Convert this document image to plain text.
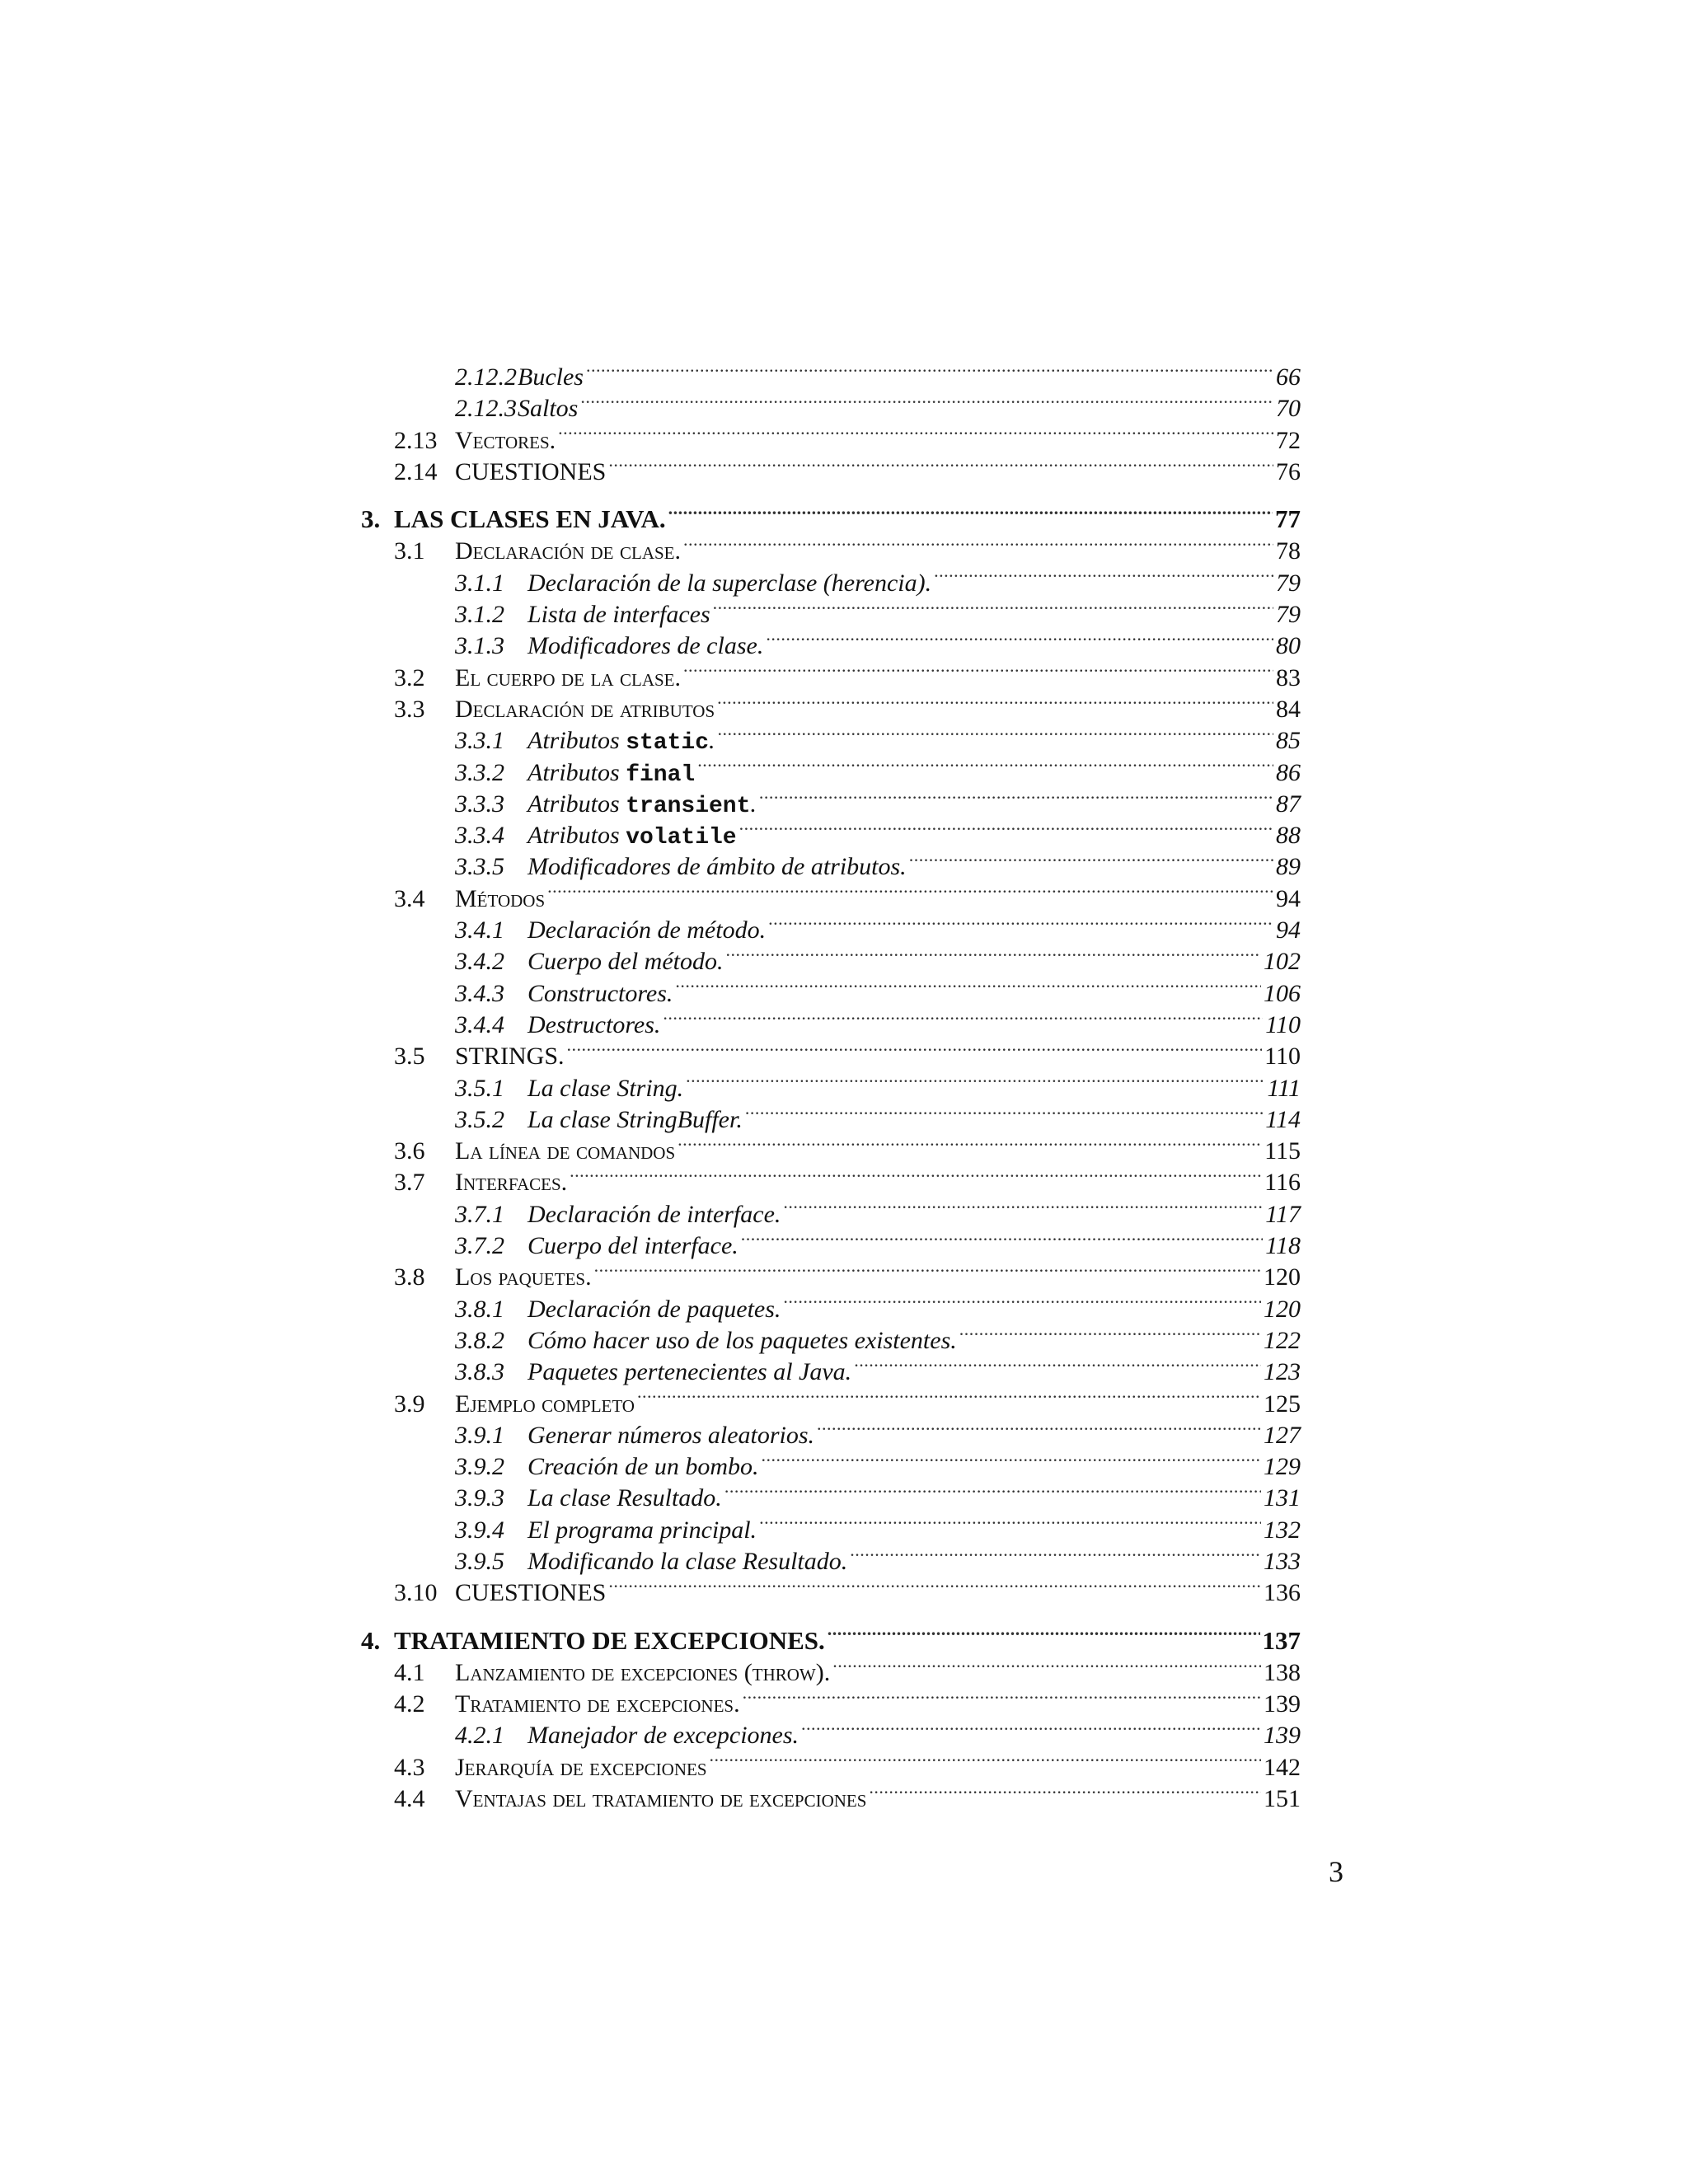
2.12.2 Bucles .....	66
2.12.3 Saltos .....	70
2.13 Vectores. .....	72
2.14 CUESTIONES .....	76
3. LAS CLASES EN JAVA. .....	77
3.1	Declaración de clase. .....	78
3.1.1 Declaración de la superclase (herencia). .....	79
3.1.2 Lista de interfaces .....	79
3.1.3 Modificadores de clase. .....	80
3.2	El cuerpo de la clase. .....	83
3.3	Declaración de atributos .....	84
3.3.1 Atributos static. .....	85
3.3.2 Atributos final .....	86
3.3.3 Atributos transient. .....	87
3.3.4 Atributos volatile .....	88
3.3.5 Modificadores de ámbito de atributos. .....	89
3.4	Métodos .....	94
3.4.1 Declaración de método. .....	94
3.4.2 Cuerpo del método. .....	102
3.4.3 Constructores. .....	106
3.4.4 Destructores. .....	110
3.5	STRINGS. .....	110
3.5.1 La clase String. .....	111
3.5.2 La clase StringBuffer. .....	114
3.6	La línea de comandos .....	115
3.7	Interfaces. .....	116
3.7.1 Declaración de interface. .....	117
3.7.2 Cuerpo del interface. .....	118
3.8	Los paquetes. .....	120
3.8.1 Declaración de paquetes. .....	120
3.8.2 Cómo hacer uso de los paquetes existentes. .....	122
3.8.3 Paquetes pertenecientes al Java. .....	123
3.9	Ejemplo completo .....	125
3.9.1 Generar números aleatorios. .....	127
3.9.2 Creación de un bombo. .....	129
3.9.3 La clase Resultado. .....	131
3.9.4 El programa principal. .....	132
3.9.5 Modificando la clase Resultado. .....	133
3.10 CUESTIONES .....	136
4. TRATAMIENTO DE EXCEPCIONES. .....	137
4.1	Lanzamiento de excepciones (throw). .....	138
4.2	Tratamiento de excepciones. .....	139
4.2.1 Manejador de excepciones. .....	139
4.3	Jerarquía de excepciones .....	142
4.4	Ventajas del tratamiento de excepciones .....	151
3
